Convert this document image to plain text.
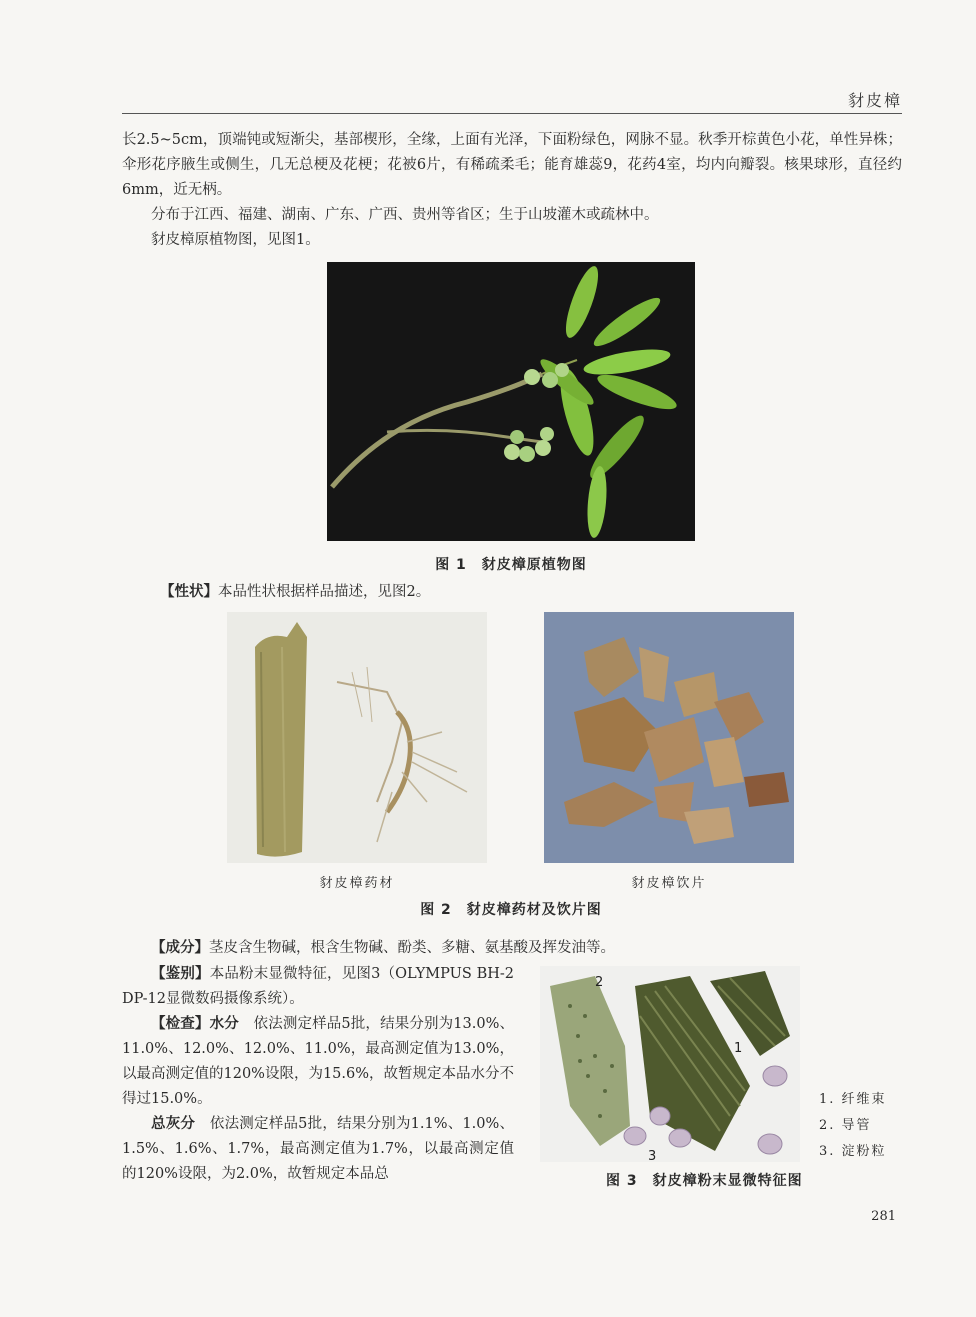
豺皮樟
长2.5~5cm，顶端钝或短渐尖，基部楔形，全缘，上面有光泽，下面粉绿色，网脉不显。秋季开棕黄色小花，单性异株；伞形花序腋生或侧生，几无总梗及花梗；花被6片，有稀疏柔毛；能育雄蕊9，花药4室，均内向瓣裂。核果球形，直径约6mm，近无柄。
分布于江西、福建、湖南、广东、广西、贵州等省区；生于山坡灌木或疏林中。
豺皮樟原植物图，见图1。
图 1　豺皮樟原植物图
【性状】本品性状根据样品描述，见图2。
豺皮樟药材	豺皮樟饮片
图 2　豺皮樟药材及饮片图
【成分】茎皮含生物碱，根含生物碱、酚类、多糖、氨基酸及挥发油等。
【鉴别】本品粉末显微特征，见图3（OLYMPUS BH-2 DP-12显微数码摄像系统）。
【检查】水分　 依法测定样品5批，结果分别为13.0%、11.0%、12.0%、12.0%、11.0%，最高测定值为13.0%，以最高测定值的120%设限，为15.6%，故暂规定本品水分不得过15.0%。
总灰分　 依法测定样品5批，结果分别为1.1%、1.0%、1.5%、1.6%、1.7%，最高测定值为1.7%，以最高测定值的120%设限，为2.0%，故暂规定本品总
2
1
3
1. 纤维束
2. 导管
3. 淀粉粒
图 3　豺皮樟粉末显微特征图
281
